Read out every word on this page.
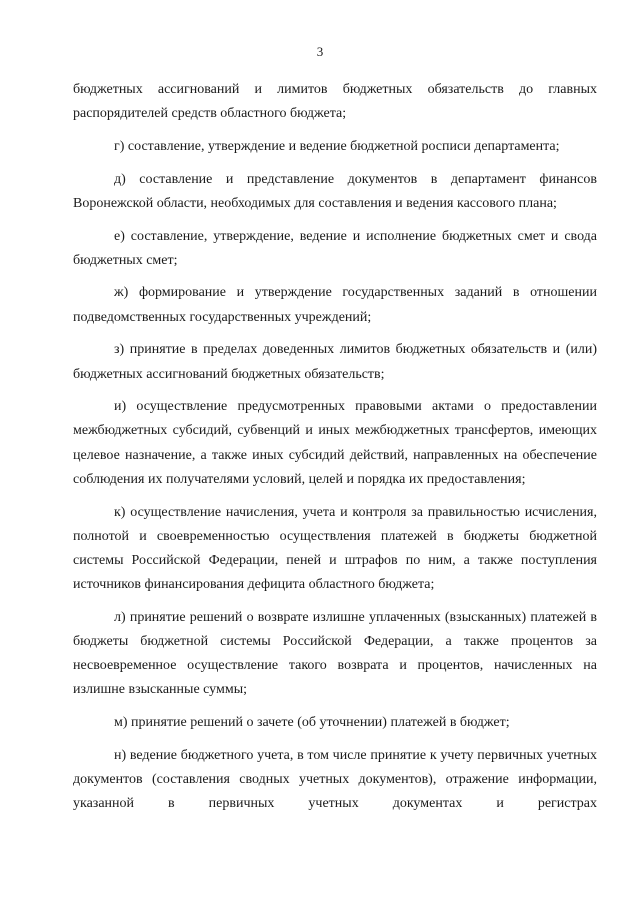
3

бюджетных ассигнований и лимитов бюджетных обязательств до главных распорядителей средств областного бюджета;

г) составление, утверждение и ведение бюджетной росписи департамента;

д) составление и представление документов в департамент финансов Воронежской области, необходимых для составления и ведения кассового плана;

е) составление, утверждение, ведение и исполнение бюджетных смет и свода бюджетных смет;

ж) формирование и утверждение государственных заданий в отношении подведомственных государственных учреждений;

з) принятие в пределах доведенных лимитов бюджетных обязательств и (или) бюджетных ассигнований бюджетных обязательств;

и) осуществление предусмотренных правовыми актами о предоставлении межбюджетных субсидий, субвенций и иных межбюджетных трансфертов, имеющих целевое назначение, а также иных субсидий действий, направленных на обеспечение соблюдения их получателями условий, целей и порядка их предоставления;

к) осуществление начисления, учета и контроля за правильностью исчисления, полнотой и своевременностью осуществления платежей в бюджеты бюджетной системы Российской Федерации, пеней и штрафов по ним, а также поступления источников финансирования дефицита областного бюджета;

л) принятие решений о возврате излишне уплаченных (взысканных) платежей в бюджеты бюджетной системы Российской Федерации, а также процентов за несвоевременное осуществление такого возврата и процентов, начисленных на излишне взысканные суммы;

м) принятие решений о зачете (об уточнении) платежей в бюджет;

н) ведение бюджетного учета, в том числе принятие к учету первичных учетных документов (составления сводных учетных документов), отражение информации, указанной в первичных учетных документах и регистрах
